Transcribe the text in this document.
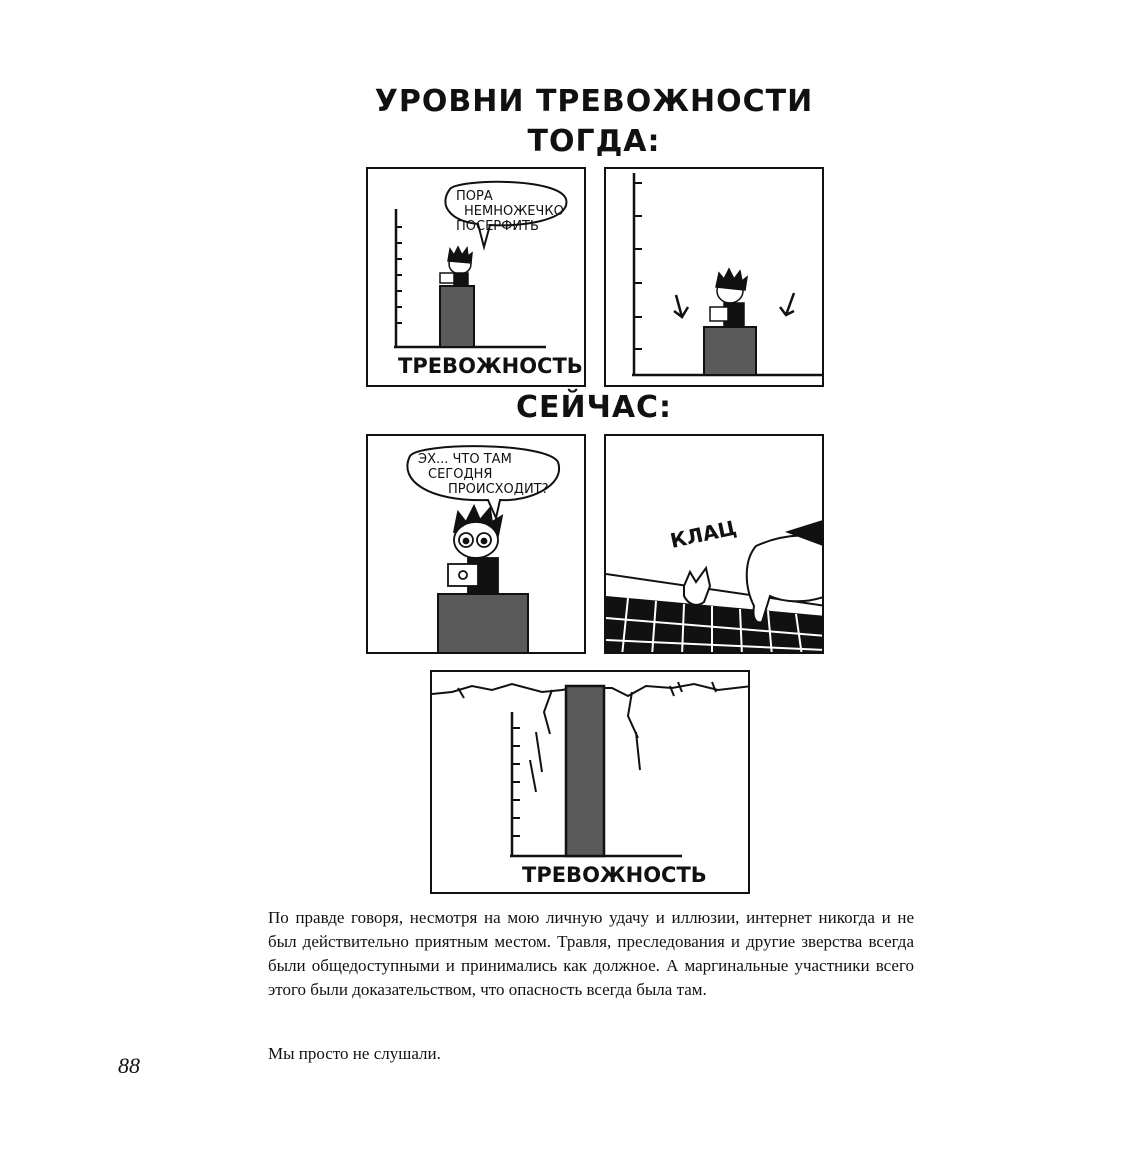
УРОВНИ ТРЕВОЖНОСТИ
ТОГДА:
ПОРА
НЕМНОЖЕЧКО
ПОСЕРФИТЬ
ТРЕВОЖНОСТЬ
СЕЙЧАС:
ЭХ... ЧТО ТАМ
СЕГОДНЯ
ПРОИСХОДИТ?
КЛАЦ
ТРЕВОЖНОСТЬ

По правде говоря, несмотря на мою личную удачу и иллюзии, интернет никогда и не был действительно приятным местом. Травля, преследования и другие зверства всегда были общедоступными и принимались как должное. А маргинальные участники всего этого были доказательством, что опасность всегда была там.

Мы просто не слушали.

88
